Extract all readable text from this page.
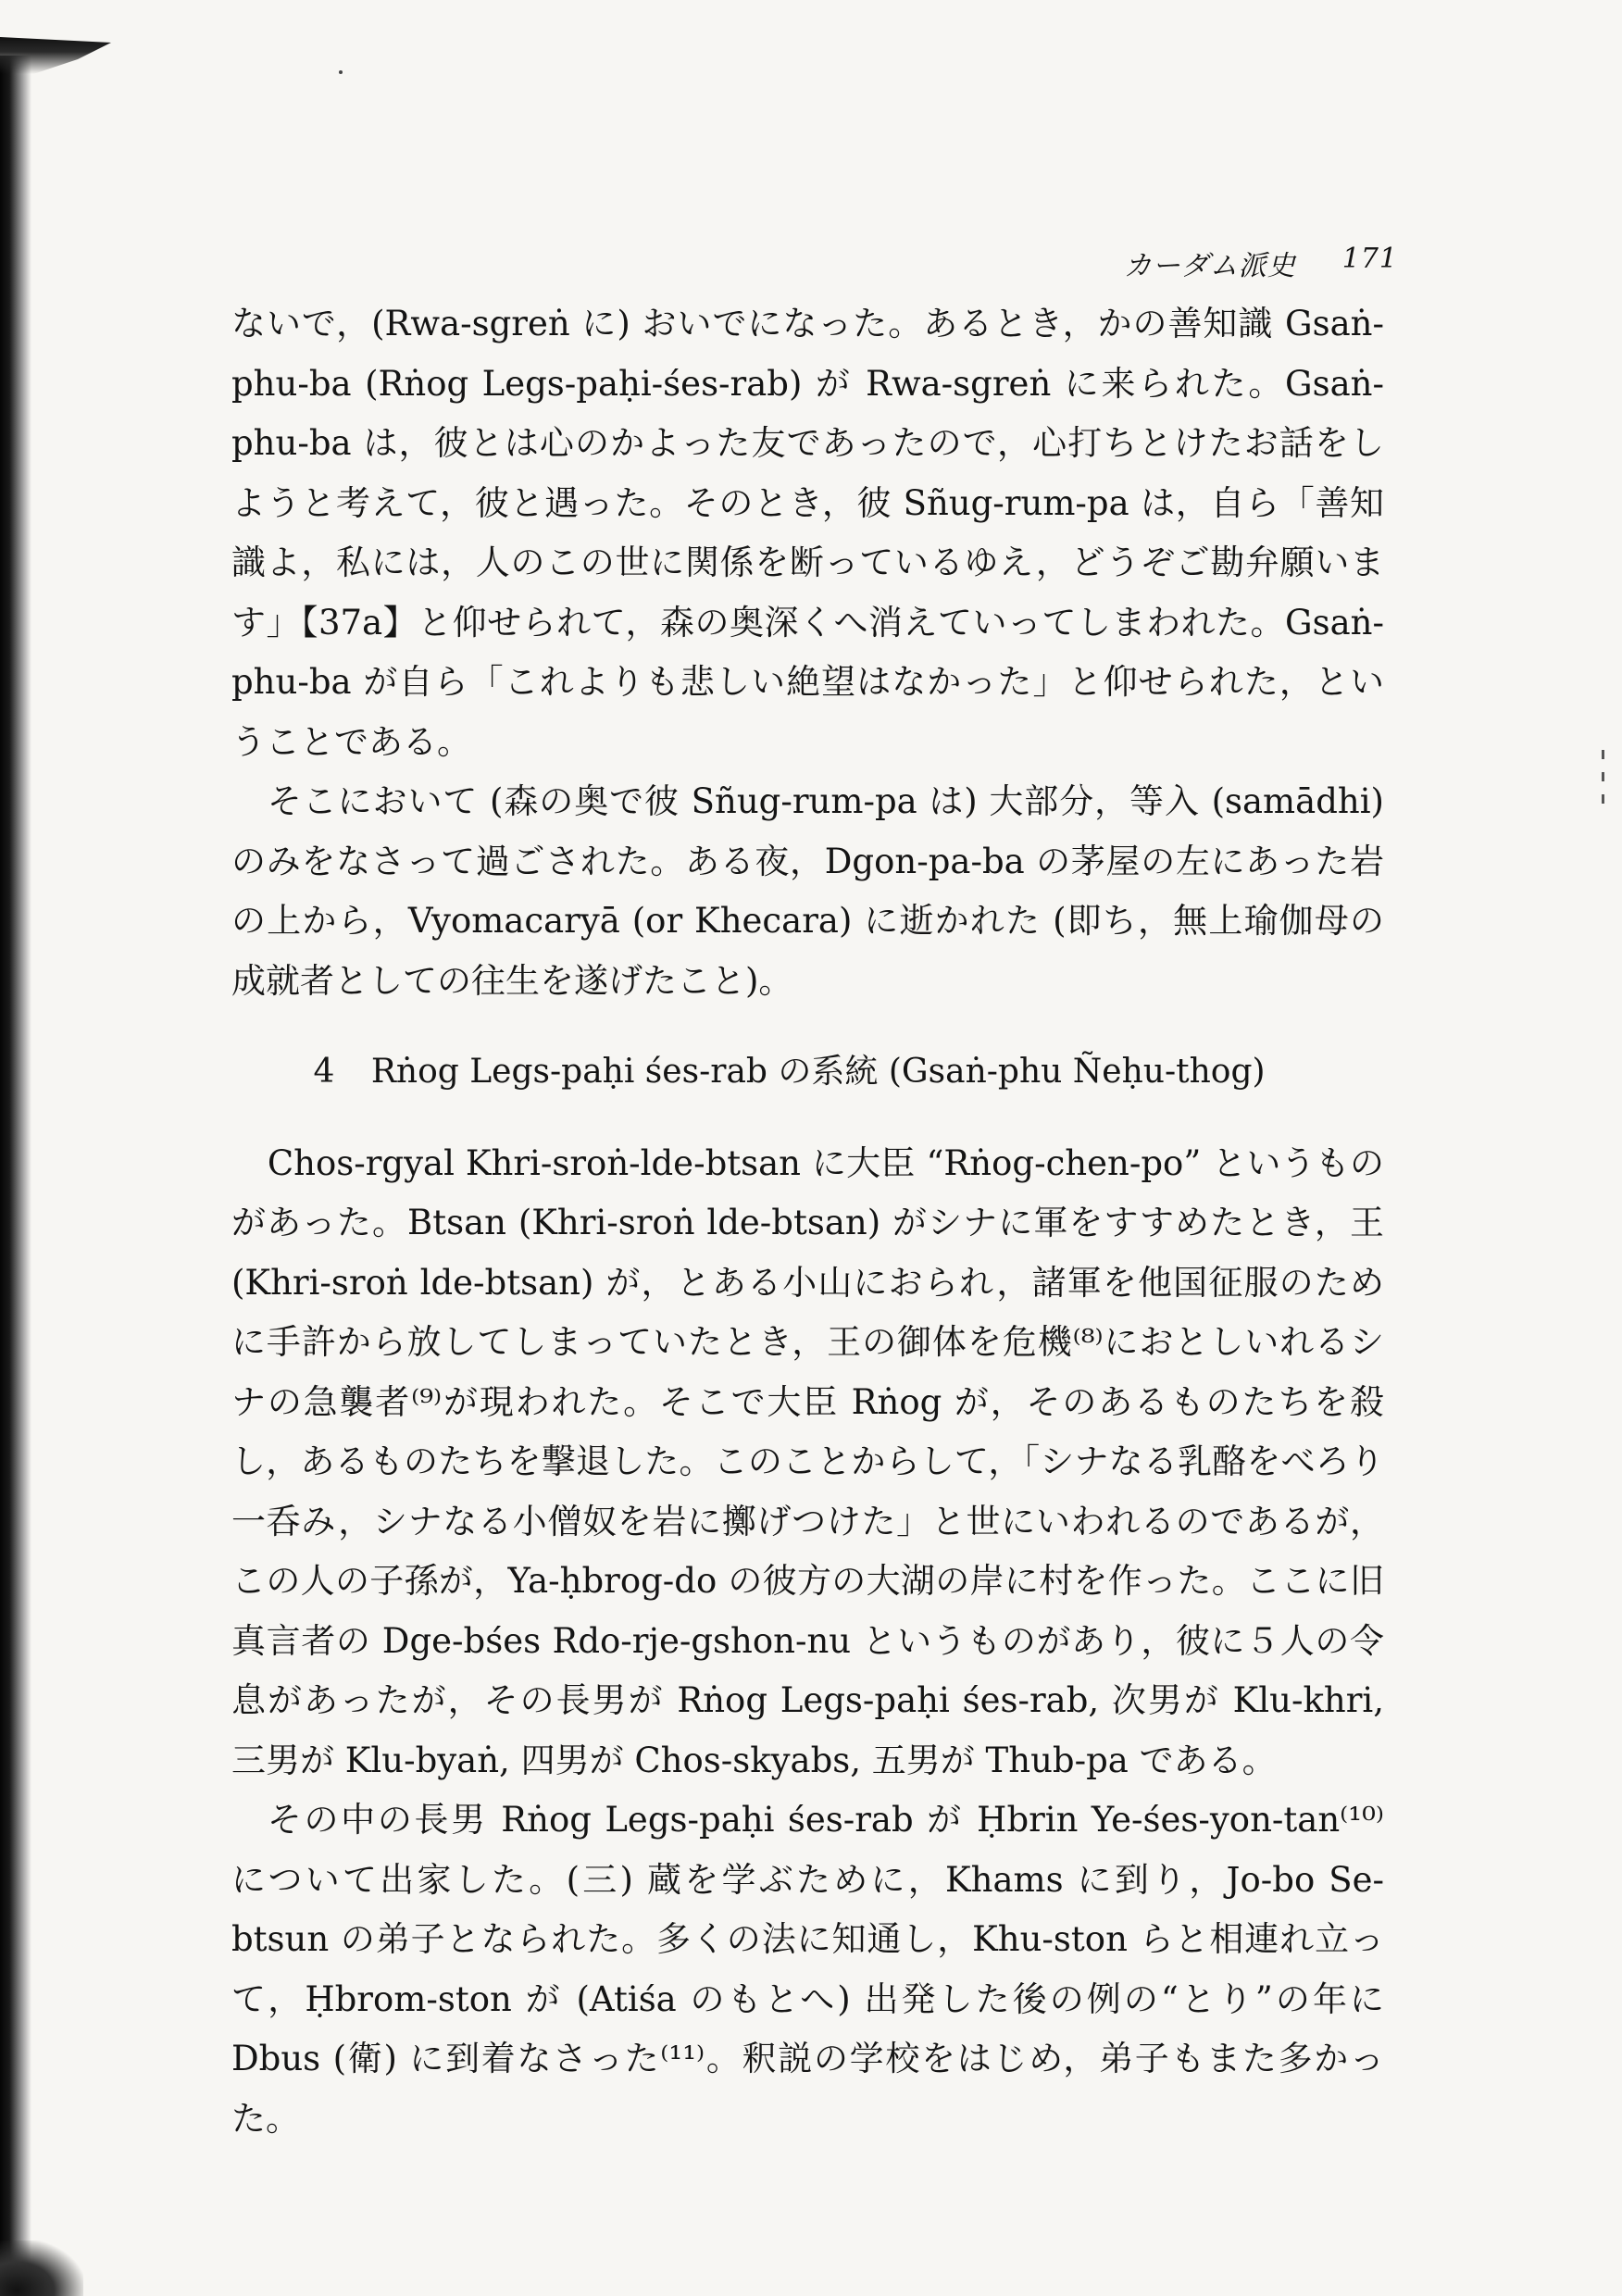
カーダム派史 171

ないで，(Rwa-sgreṅ に) おいでになった。あるとき，かの善知識 Gsaṅ-phu-ba (Rṅog Legs-paḥi-śes-rab) が Rwa-sgreṅ に来られた。Gsaṅ-phu-ba は，彼とは心のかよった友であったので，心打ちとけたお話をしようと考えて，彼と遇った。そのとき，彼 Sñug-rum-pa は，自ら「善知識よ，私には，人のこの世に関係を断っているゆえ，どうぞご勘弁願います」【37a】と仰せられて，森の奥深くへ消えていってしまわれた。Gsaṅ-phu-ba が自ら「これよりも悲しい絶望はなかった」と仰せられた，ということである。

そこにおいて (森の奥で彼 Sñug-rum-pa は) 大部分，等入 (samādhi) のみをなさって過ごされた。ある夜，Dgon-pa-ba の茅屋の左にあった岩の上から，Vyomacaryā (or Khecara) に逝かれた (即ち，無上瑜伽母の成就者としての往生を遂げたこと)。

4 Rṅog Legs-paḥi śes-rab の系統 (Gsaṅ-phu Ñeḥu-thog)

Chos-rgyal Khri-sroṅ-lde-btsan に大臣 “Rṅog-chen-po” というものがあった。Btsan (Khri-sroṅ lde-btsan) がシナに軍をすすめたとき，王 (Khri-sroṅ lde-btsan) が，とある小山におられ，諸軍を他国征服のために手許から放してしまっていたとき，王の御体を危機⁽⁸⁾におとしいれるシナの急襲者⁽⁹⁾が現われた。そこで大臣 Rṅog が，そのあるものたちを殺し，あるものたちを撃退した。このことからして，「シナなる乳酪をべろり一呑み，シナなる小僧奴を岩に擲げつけた」と世にいわれるのであるが，この人の子孫が，Ya-ḥbrog-do の彼方の大湖の岸に村を作った。ここに旧真言者の Dge-bśes Rdo-rje-gshon-nu というものがあり，彼に５人の令息があったが，その長男が Rṅog Legs-paḥi śes-rab, 次男が Klu-khri, 三男が Klu-byaṅ, 四男が Chos-skyabs, 五男が Thub-pa である。

その中の長男 Rṅog Legs-paḥi śes-rab が Ḥbrin Ye-śes-yon-tan⁽¹⁰⁾ について出家した。(三) 蔵を学ぶために，Khams に到り，Jo-bo Se-btsun の弟子となられた。多くの法に知通し，Khu-ston らと相連れ立って，Ḥbrom-ston が (Atiśa のもとへ) 出発した後の例の“とり”の年に Dbus (衛) に到着なさった⁽¹¹⁾。釈説の学校をはじめ，弟子もまた多かった。
